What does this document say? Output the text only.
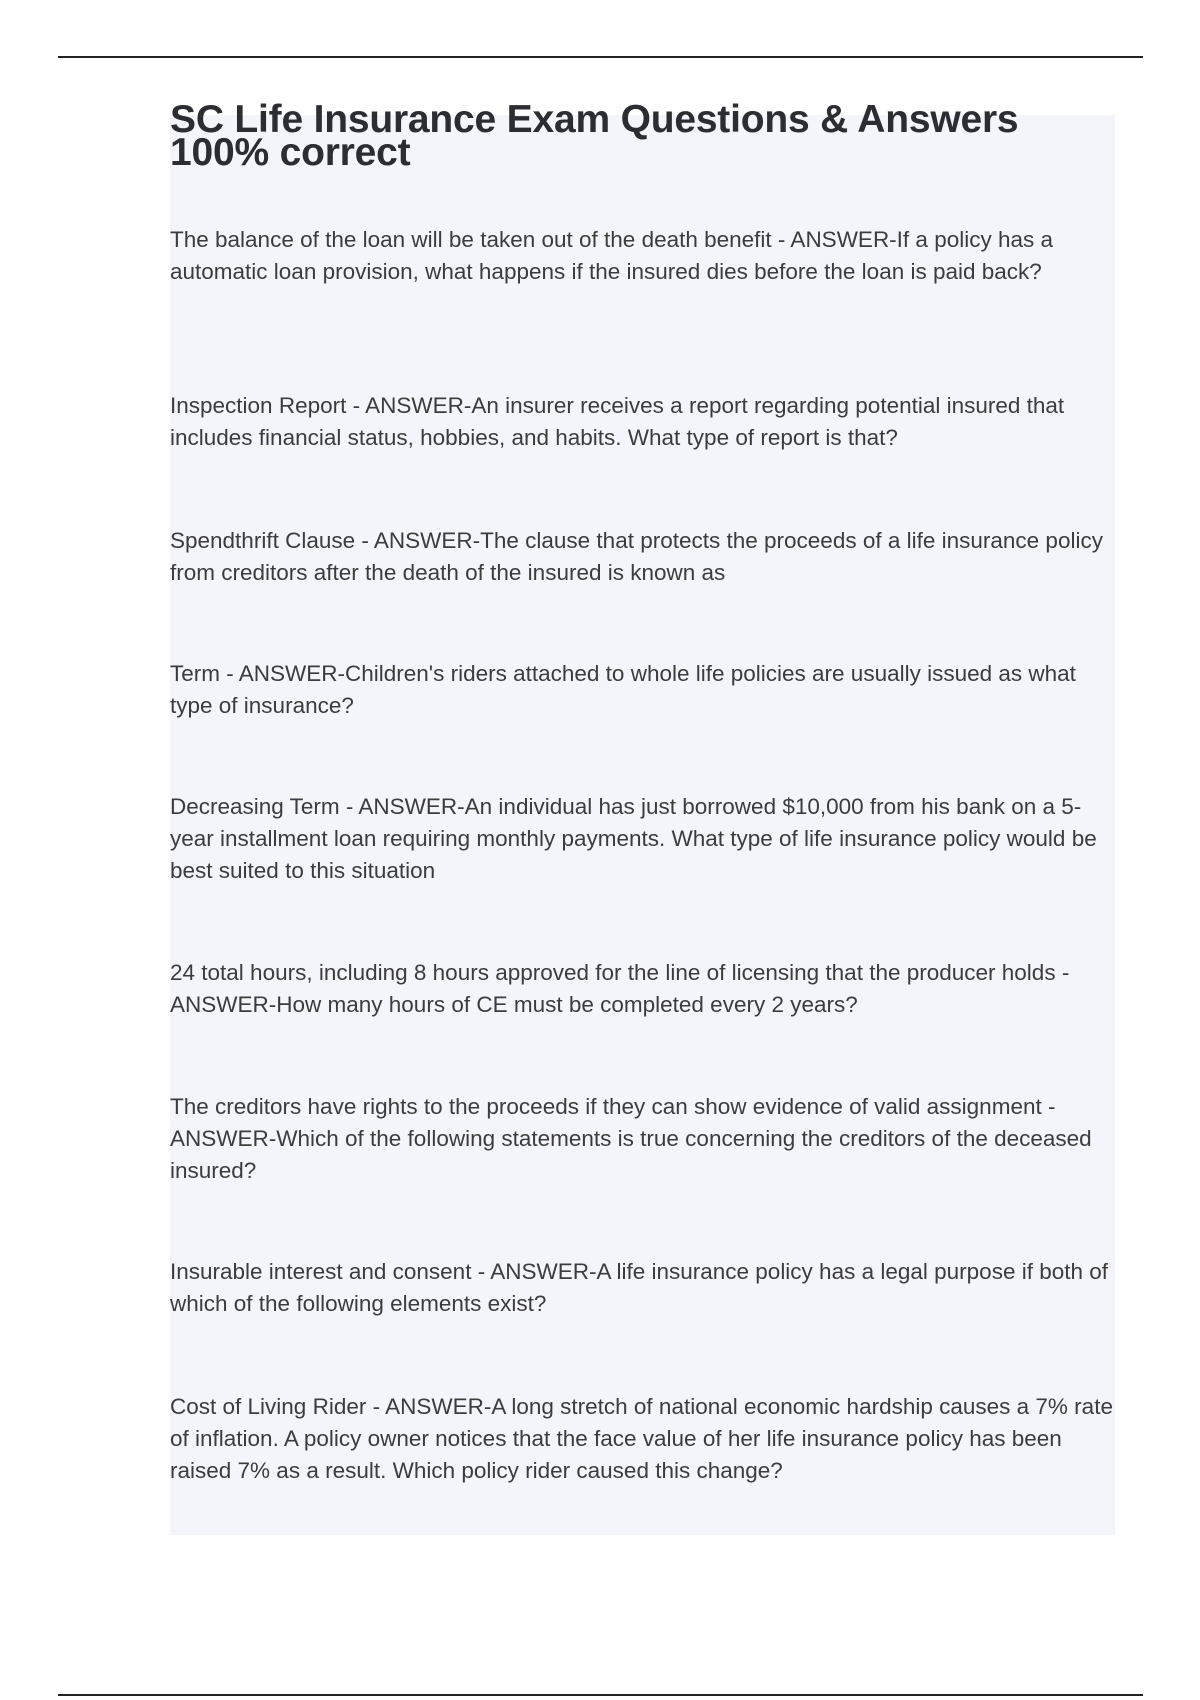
SC Life Insurance Exam Questions & Answers 100% correct

The balance of the loan will be taken out of the death benefit - ANSWER-If a policy has a automatic loan provision, what happens if the insured dies before the loan is paid back?

Inspection Report - ANSWER-An insurer receives a report regarding potential insured that includes financial status, hobbies, and habits. What type of report is that?

Spendthrift Clause - ANSWER-The clause that protects the proceeds of a life insurance policy from creditors after the death of the insured is known as

Term - ANSWER-Children's riders attached to whole life policies are usually issued as what type of insurance?

Decreasing Term - ANSWER-An individual has just borrowed $10,000 from his bank on a 5-year installment loan requiring monthly payments. What type of life insurance policy would be best suited to this situation

24 total hours, including 8 hours approved for the line of licensing that the producer holds - ANSWER-How many hours of CE must be completed every 2 years?

The creditors have rights to the proceeds if they can show evidence of valid assignment - ANSWER-Which of the following statements is true concerning the creditors of the deceased insured?

Insurable interest and consent - ANSWER-A life insurance policy has a legal purpose if both of which of the following elements exist?

Cost of Living Rider - ANSWER-A long stretch of national economic hardship causes a 7% rate of inflation. A policy owner notices that the face value of her life insurance policy has been raised 7% as a result. Which policy rider caused this change?
